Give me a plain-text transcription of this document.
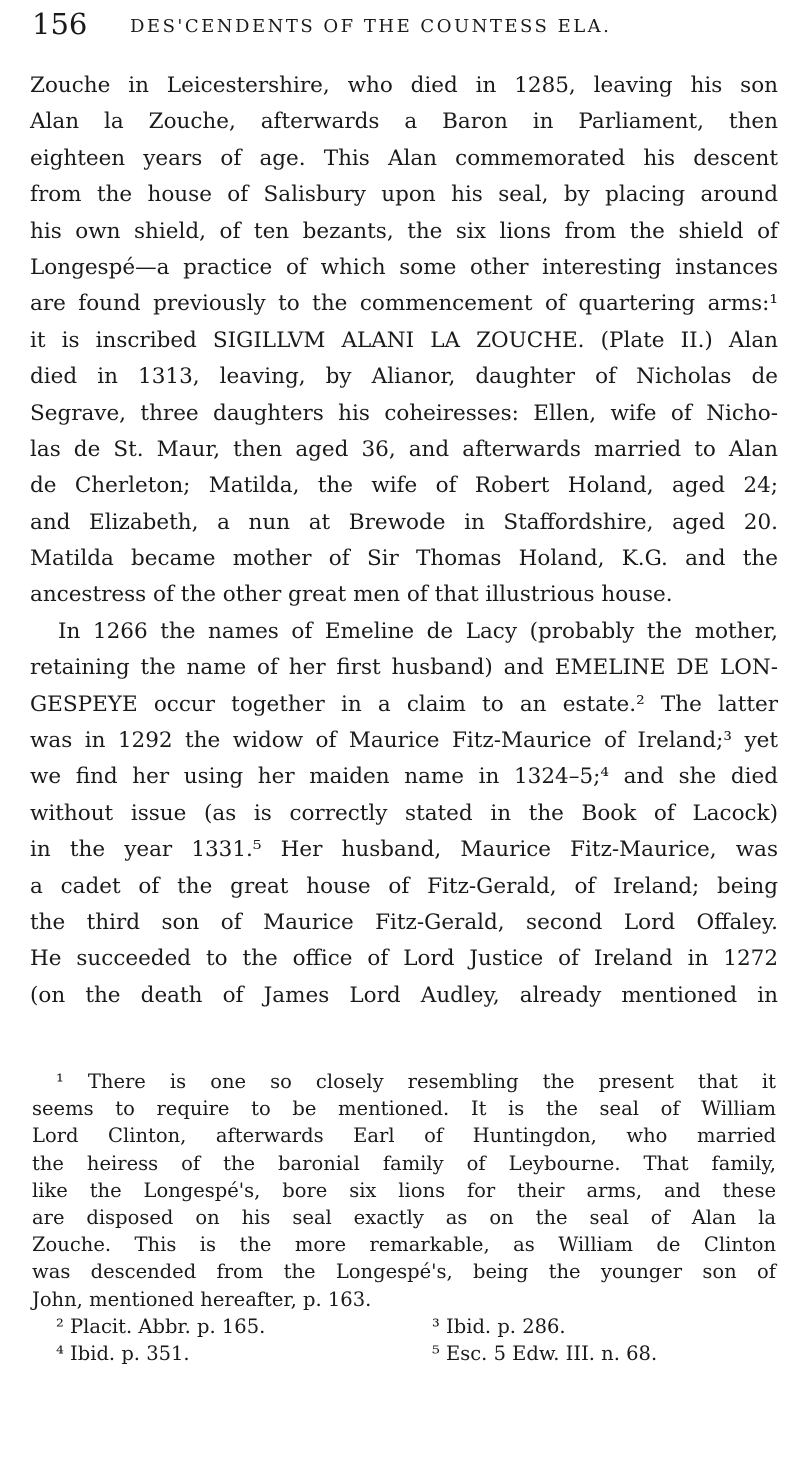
156 DES'CENDENTS OF THE COUNTESS ELA.
Zouche in Leicestershire, who died in 1285, leaving his son
Alan la Zouche, afterwards a Baron in Parliament, then
eighteen years of age. This Alan commemorated his descent
from the house of Salisbury upon his seal, by placing around
his own shield, of ten bezants, the six lions from the shield of
Longespé—a practice of which some other interesting instances
are found previously to the commencement of quartering arms:¹
it is inscribed SIGILLVM ALANI LA ZOUCHE. (Plate II.) Alan
died in 1313, leaving, by Alianor, daughter of Nicholas de
Segrave, three daughters his coheiresses: Ellen, wife of Nicho-
las de St. Maur, then aged 36, and afterwards married to Alan
de Cherleton; Matilda, the wife of Robert Holand, aged 24;
and Elizabeth, a nun at Brewode in Staffordshire, aged 20.
Matilda became mother of Sir Thomas Holand, K.G. and the
ancestress of the other great men of that illustrious house.
In 1266 the names of Emeline de Lacy (probably the mother,
retaining the name of her first husband) and EMELINE DE LON-
GESPEYE occur together in a claim to an estate.² The latter
was in 1292 the widow of Maurice Fitz-Maurice of Ireland;³ yet
we find her using her maiden name in 1324–5;⁴ and she died
without issue (as is correctly stated in the Book of Lacock)
in the year 1331.⁵ Her husband, Maurice Fitz-Maurice, was
a cadet of the great house of Fitz-Gerald, of Ireland; being
the third son of Maurice Fitz-Gerald, second Lord Offaley.
He succeeded to the office of Lord Justice of Ireland in 1272
(on the death of James Lord Audley, already mentioned in
¹ There is one so closely resembling the present that it
seems to require to be mentioned. It is the seal of William
Lord Clinton, afterwards Earl of Huntingdon, who married
the heiress of the baronial family of Leybourne. That family,
like the Longespé's, bore six lions for their arms, and these
are disposed on his seal exactly as on the seal of Alan la
Zouche. This is the more remarkable, as William de Clinton
was descended from the Longespé's, being the younger son of
John, mentioned hereafter, p. 163.
² Placit. Abbr. p. 165.	³ Ibid. p. 286.
⁴ Ibid. p. 351.	⁵ Esc. 5 Edw. III. n. 68.
